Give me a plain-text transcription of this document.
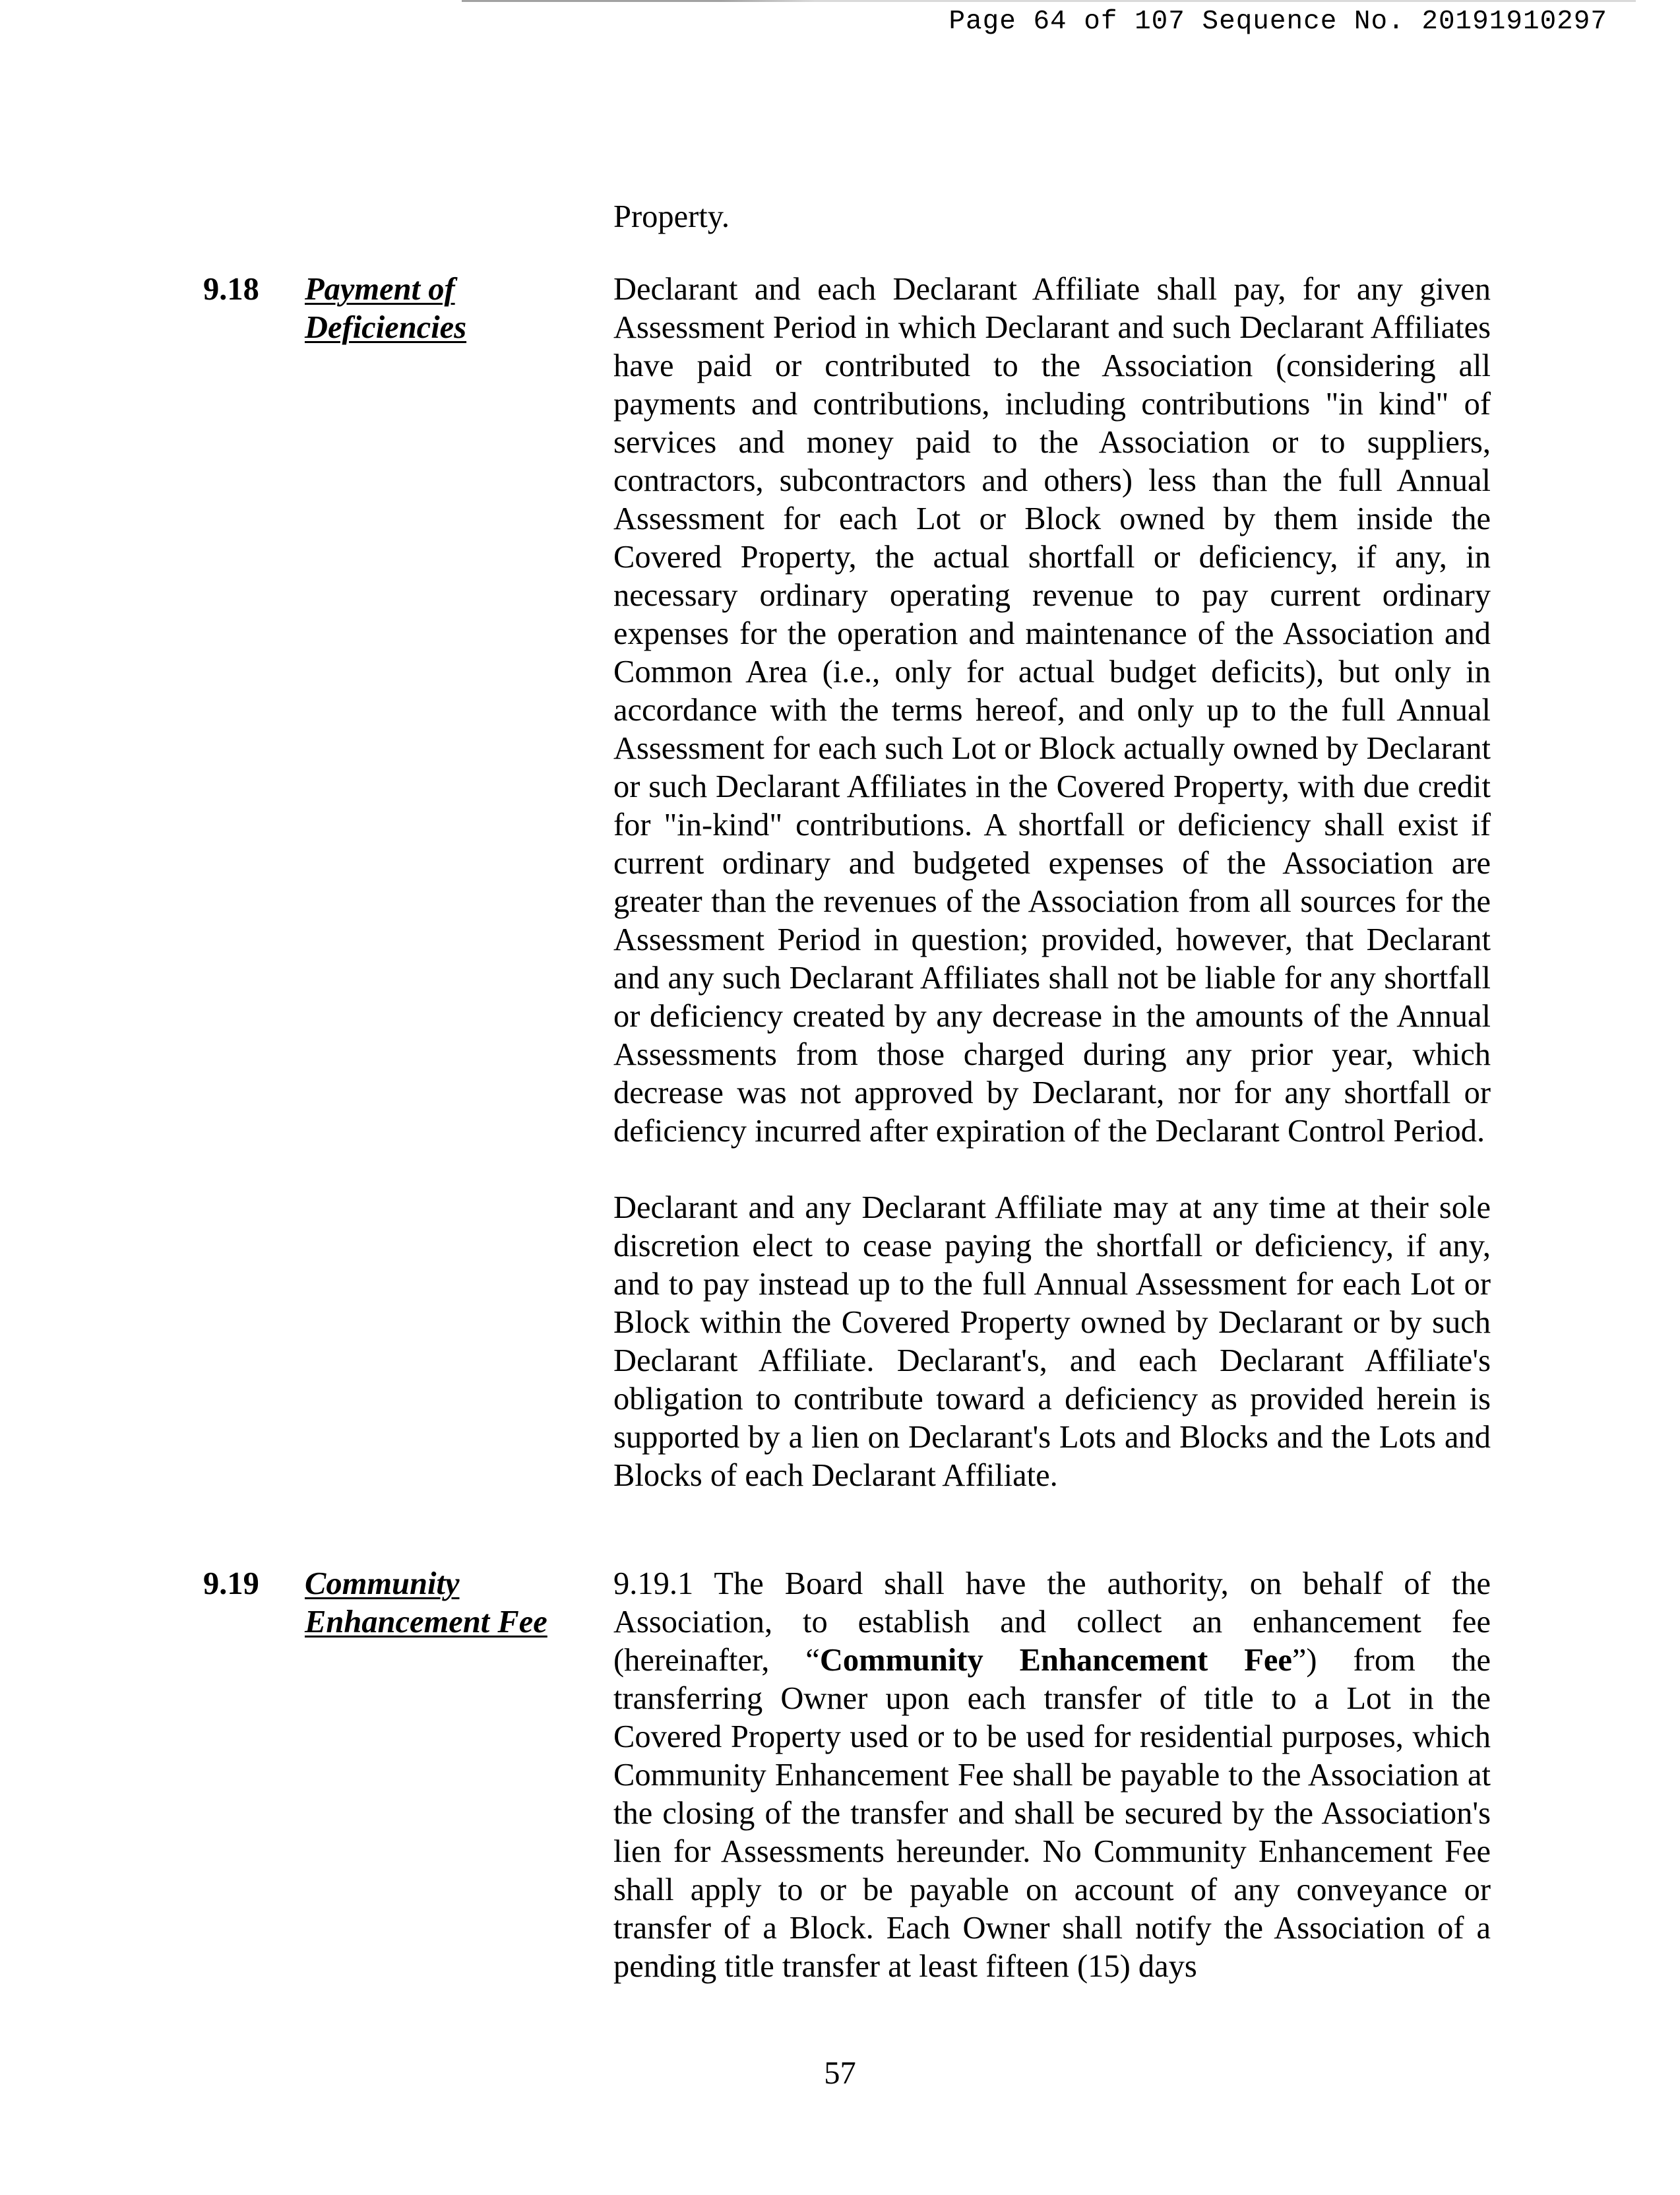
Page 64 of 107 Sequence No. 20191910297

Property.

9.18 Payment of Deficiencies

Declarant and each Declarant Affiliate shall pay, for any given Assessment Period in which Declarant and such Declarant Affiliates have paid or contributed to the Association (considering all payments and contributions, including contributions "in kind" of services and money paid to the Association or to suppliers, contractors, subcontractors and others) less than the full Annual Assessment for each Lot or Block owned by them inside the Covered Property, the actual shortfall or deficiency, if any, in necessary ordinary operating revenue to pay current ordinary expenses for the operation and maintenance of the Association and Common Area (i.e., only for actual budget deficits), but only in accordance with the terms hereof, and only up to the full Annual Assessment for each such Lot or Block actually owned by Declarant or such Declarant Affiliates in the Covered Property, with due credit for "in-kind" contributions. A shortfall or deficiency shall exist if current ordinary and budgeted expenses of the Association are greater than the revenues of the Association from all sources for the Assessment Period in question; provided, however, that Declarant and any such Declarant Affiliates shall not be liable for any shortfall or deficiency created by any decrease in the amounts of the Annual Assessments from those charged during any prior year, which decrease was not approved by Declarant, nor for any shortfall or deficiency incurred after expiration of the Declarant Control Period.

Declarant and any Declarant Affiliate may at any time at their sole discretion elect to cease paying the shortfall or deficiency, if any, and to pay instead up to the full Annual Assessment for each Lot or Block within the Covered Property owned by Declarant or by such Declarant Affiliate. Declarant's, and each Declarant Affiliate's obligation to contribute toward a deficiency as provided herein is supported by a lien on Declarant's Lots and Blocks and the Lots and Blocks of each Declarant Affiliate.

9.19 Community Enhancement Fee

9.19.1 The Board shall have the authority, on behalf of the Association, to establish and collect an enhancement fee (hereinafter, “Community Enhancement Fee”) from the transferring Owner upon each transfer of title to a Lot in the Covered Property used or to be used for residential purposes, which Community Enhancement Fee shall be payable to the Association at the closing of the transfer and shall be secured by the Association's lien for Assessments hereunder. No Community Enhancement Fee shall apply to or be payable on account of any conveyance or transfer of a Block. Each Owner shall notify the Association of a pending title transfer at least fifteen (15) days

57
